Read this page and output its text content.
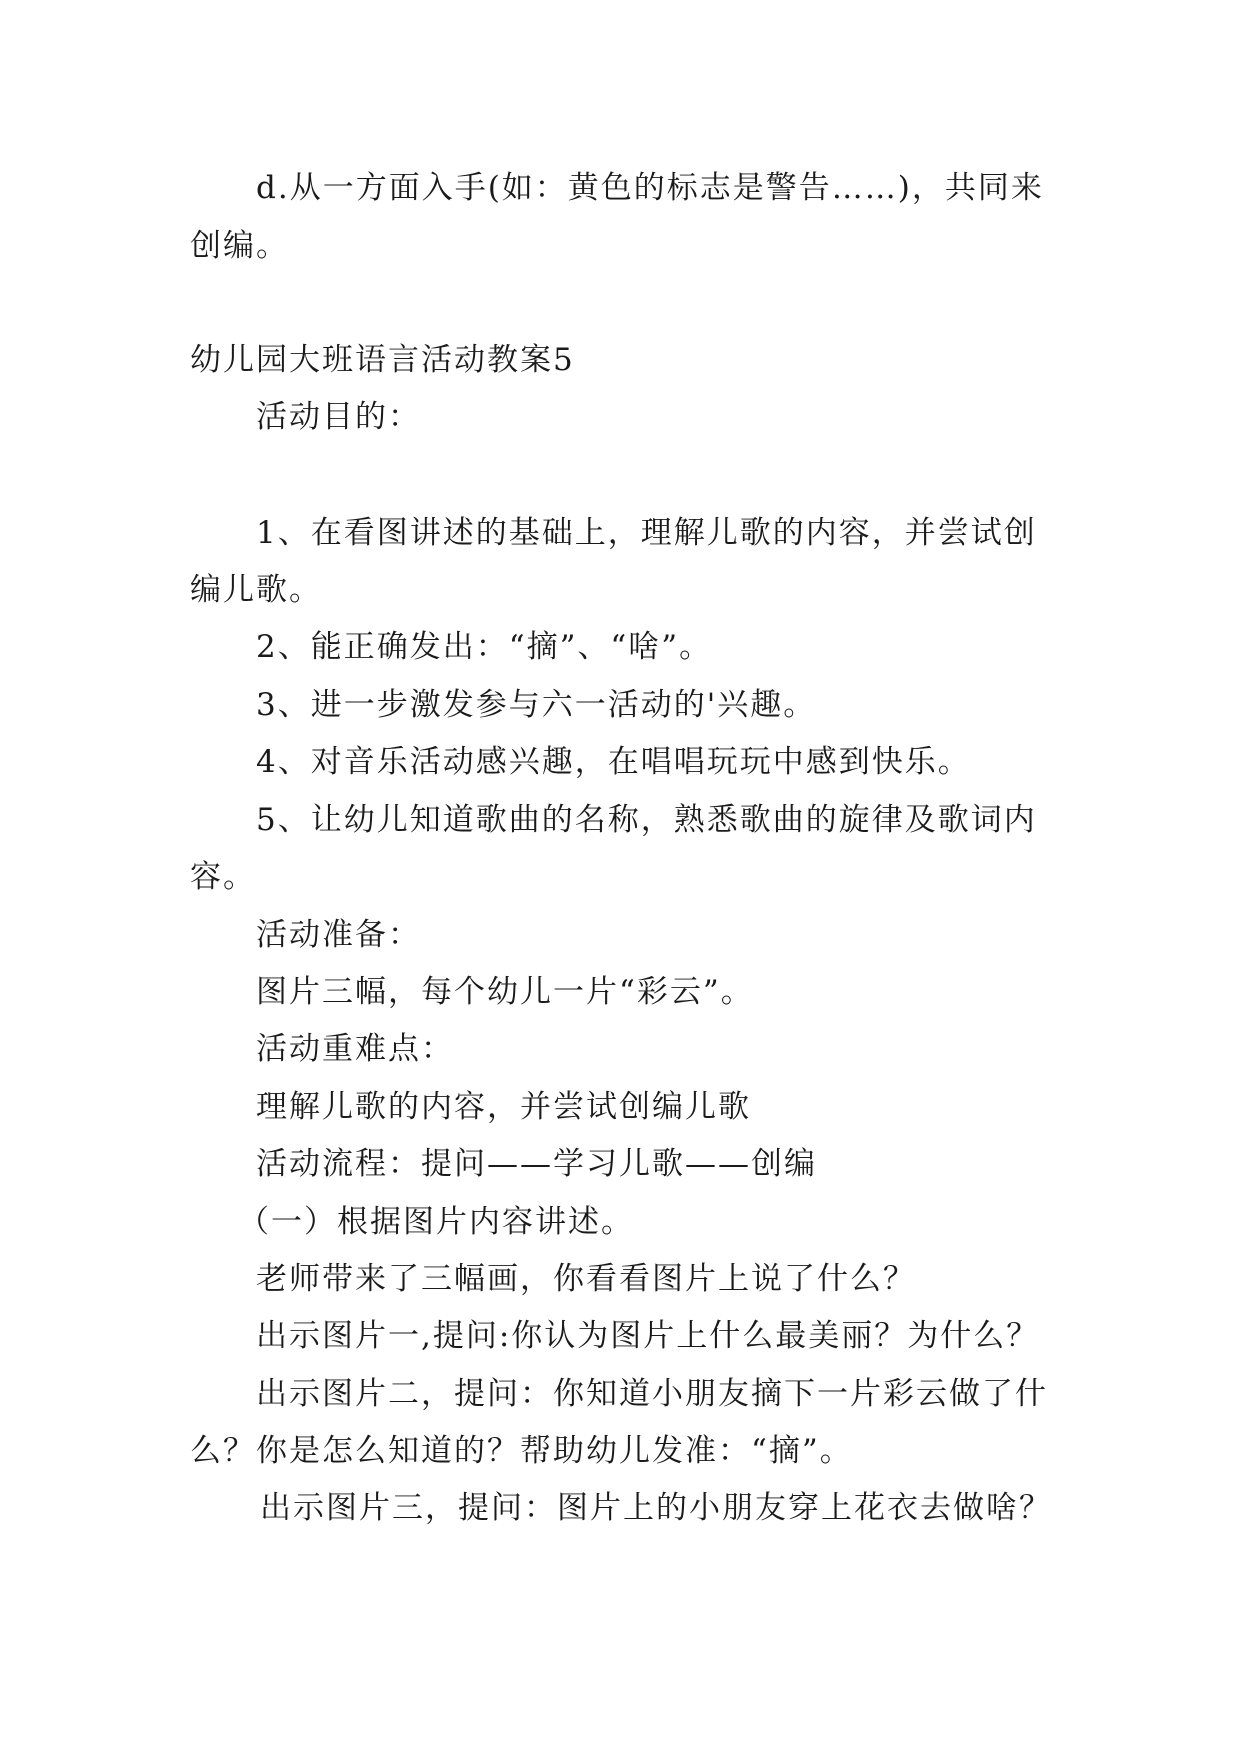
d.从一方面入手(如：黄色的标志是警告……)，共同来
创编。
幼儿园大班语言活动教案5
活动目的：
1、在看图讲述的基础上，理解儿歌的内容，并尝试创
编儿歌。
2、能正确发出：“摘”、“啥”。
3、进一步激发参与六一活动的'兴趣。
4、对音乐活动感兴趣，在唱唱玩玩中感到快乐。
5、让幼儿知道歌曲的名称，熟悉歌曲的旋律及歌词内
容。
活动准备：
图片三幅，每个幼儿一片“彩云”。
活动重难点：
理解儿歌的内容，并尝试创编儿歌
活动流程：提问——学习儿歌——创编
（一）根据图片内容讲述。
老师带来了三幅画，你看看图片上说了什么？
出示图片一,提问:你认为图片上什么最美丽？为什么？
出示图片二，提问：你知道小朋友摘下一片彩云做了什
么？你是怎么知道的？帮助幼儿发准：“摘”。
出示图片三，提问：图片上的小朋友穿上花衣去做啥？
